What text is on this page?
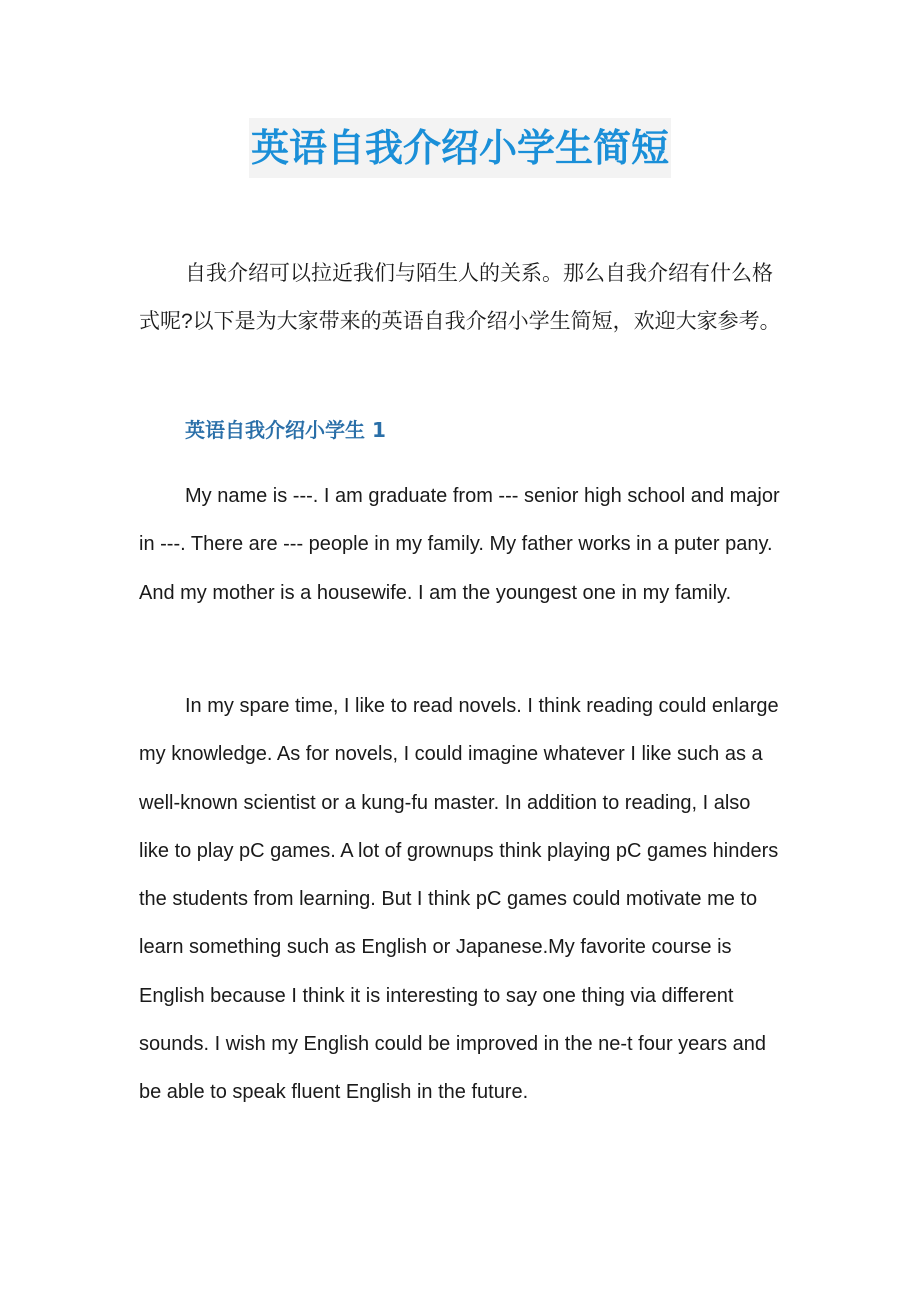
英语自我介绍小学生简短

自我介绍可以拉近我们与陌生人的关系。那么自我介绍有什么格式呢?以下是为大家带来的英语自我介绍小学生简短，欢迎大家参考。

英语自我介绍小学生 1

My name is ---. I am graduate from --- senior high school and major in ---. There are --- people in my family. My father works in a puter pany. And my mother is a housewife. I am the youngest one in my family.

In my spare time, I like to read novels. I think reading could enlarge my knowledge. As for novels, I could imagine whatever I like such as a well-known scientist or a kung-fu master. In addition to reading, I also like to play pC games. A lot of grownups think playing pC games hinders the students from learning. But I think pC games could motivate me to learn something such as English or Japanese.My favorite course is English because I think it is interesting to say one thing via different sounds. I wish my English could be improved in the ne-t four years and be able to speak fluent English in the future.
